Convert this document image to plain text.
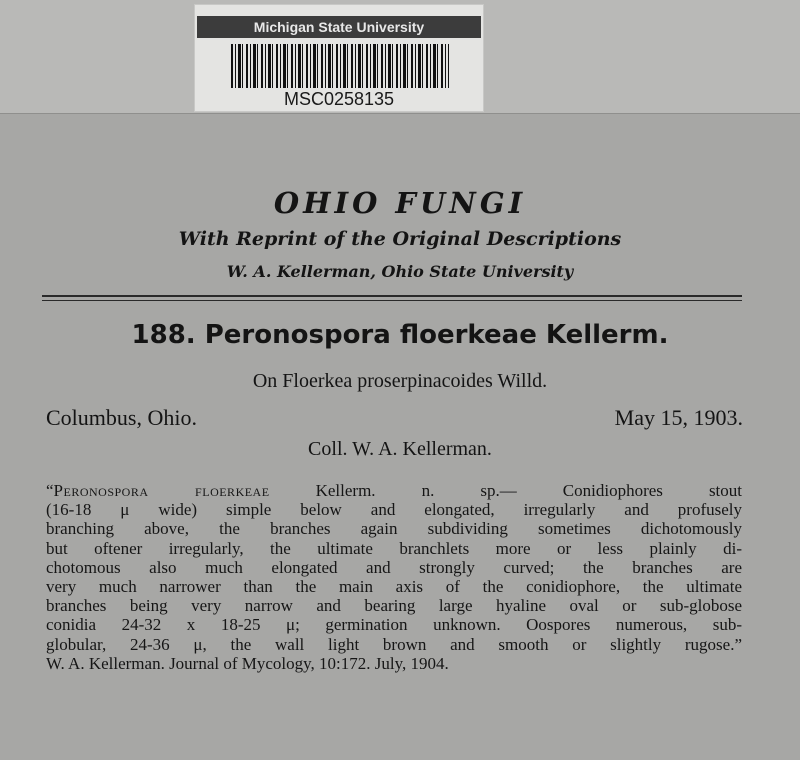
Michigan State University
MSC0258135
OHIO FUNGI
With Reprint of the Original Descriptions
W. A. Kellerman, Ohio State University
188. Peronospora floerkeae Kellerm.
On Floerkea proserpinacoides Willd.
Columbus, Ohio.	May 15, 1903.
Coll. W. A. Kellerman.
“Peronospora floerkeae Kellerm. n. sp.— Conidiophores stout
(16-18 μ wide) simple below and elongated, irregularly and profusely
branching above, the branches again subdividing sometimes dichotomously
but oftener irregularly, the ultimate branchlets more or less plainly di-
chotomous also much elongated and strongly curved; the branches are
very much narrower than the main axis of the conidiophore, the ultimate
branches being very narrow and bearing large hyaline oval or sub-globose
conidia 24-32 x 18-25 μ; germination unknown. Oospores numerous, sub-
globular, 24-36 μ, the wall light brown and smooth or slightly rugose.”
W. A. Kellerman. Journal of Mycology, 10:172. July, 1904.
